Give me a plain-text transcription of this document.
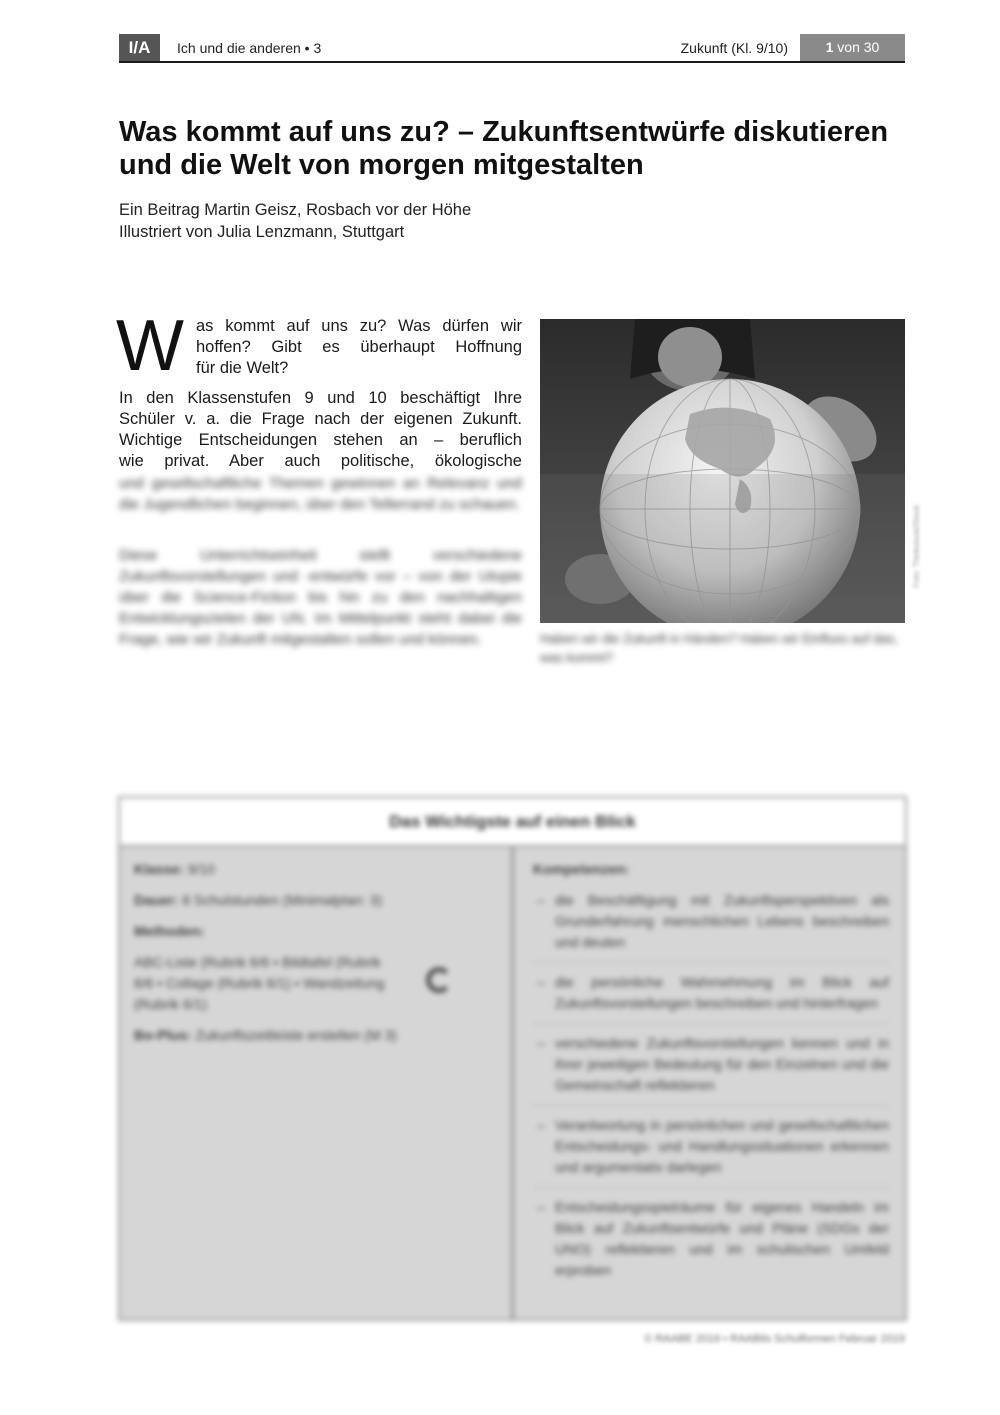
I/A	Ich und die anderen • 3	Zukunft (Kl. 9/10)	1 von 30
Was kommt auf uns zu? – Zukunftsentwürfe diskutieren und die Welt von morgen mitgestalten
Ein Beitrag Martin Geisz, Rosbach vor der Höhe
Illustriert von Julia Lenzmann, Stuttgart
W as kommt auf uns zu? Was dürfen wir
hoffen? Gibt es überhaupt Hoffnung
für die Welt?
In den Klassenstufen 9 und 10 beschäftigt Ihre
Schüler v. a. die Frage nach der eigenen Zukunft.
Wichtige Entscheidungen stehen an – beruflich
wie privat. Aber auch politische, ökologische
und gesellschaftliche Themen gewinnen an Relevanz und die Jugendlichen beginnen, über den Tellerrand zu schauen.
Diese Unterrichtseinheit stellt verschiedene Zukunftsvorstellungen und -entwürfe vor – von der Utopie über die Science-Fiction bis hin zu den nachhaltigen Entwicklungszielen der UN. Im Mittelpunkt steht dabei die Frage, wie wir Zukunft mitgestalten sollen und können.
Foto: Thinkstock/iStock
Haben wir die Zukunft in Händen? Haben wir Einfluss auf das, was kommt?
Das Wichtigste auf einen Blick

Klasse: 9/10

Dauer: 8 Schulstunden (Minimalplan: 3)

Methoden:

ABC-Liste (Rubrik 6/6 • Bildtafel (Rubrik 6/6 • Collage (Rubrik 6/1) • Wandzeitung (Rubrik 6/1)

Bo-Plus: Zukunftszeitleiste erstellen (M 3)

Kompetenzen:

– die Beschäftigung mit Zukunftsperspektiven als Grunderfahrung menschlichen Lebens beschreiben und deuten
– die persönliche Wahrnehmung im Blick auf Zukunftsvorstellungen beschreiben und hinterfragen
– verschiedene Zukunftsvorstellungen kennen und in ihrer jeweiligen Bedeutung für den Einzelnen und die Gemeinschaft reflektieren
– Verantwortung in persönlichen und gesellschaftlichen Entscheidungs- und Handlungssituationen erkennen und argumentativ darlegen
– Entscheidungsspielräume für eigenes Handeln im Blick auf Zukunftsentwürfe und Pläne (SDGs der UNO) reflektieren und im schulischen Umfeld erproben
© RAABE 2019 • RAABits Schulformen Februar 2019
